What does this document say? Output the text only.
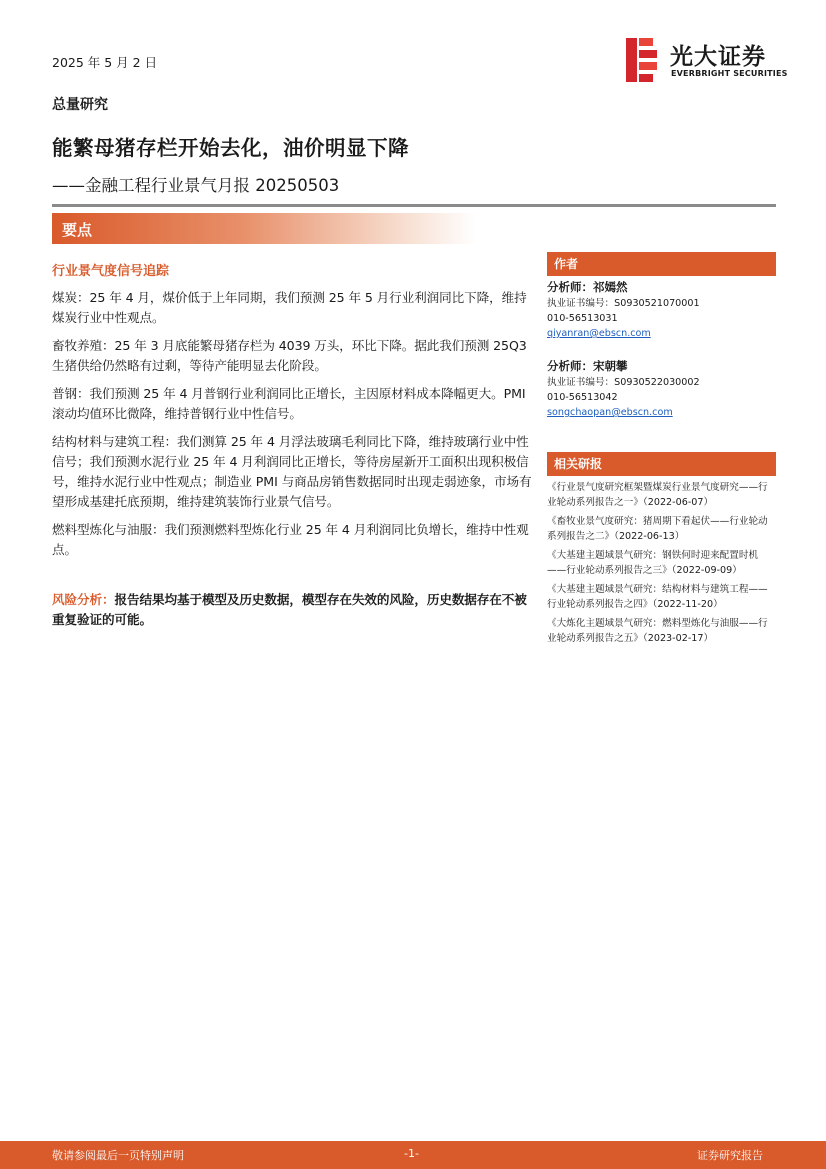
2025 年 5 月 2 日	光大证券
EVERBRIGHT SECURITIES
总量研究
能繁母猪存栏开始去化，油价明显下降
——金融工程行业景气月报 20250503
要点
行业景气度信号追踪

煤炭：25 年 4 月，煤价低于上年同期，我们预测 25 年 5 月行业利润同比下降，维持煤炭行业中性观点。

畜牧养殖：25 年 3 月底能繁母猪存栏为 4039 万头，环比下降。据此我们预测 25Q3 生猪供给仍然略有过剩，等待产能明显去化阶段。

普钢：我们预测 25 年 4 月普钢行业利润同比正增长，主因原材料成本降幅更大。PMI 滚动均值环比微降，维持普钢行业中性信号。

结构材料与建筑工程：我们测算 25 年 4 月浮法玻璃毛利同比下降，维持玻璃行业中性信号；我们预测水泥行业 25 年 4 月利润同比正增长，等待房屋新开工面积出现积极信号，维持水泥行业中性观点；制造业 PMI 与商品房销售数据同时出现走弱迹象，市场有望形成基建托底预期，维持建筑装饰行业景气信号。

燃料型炼化与油服：我们预测燃料型炼化行业 25 年 4 月利润同比负增长，维持中性观点。

风险分析：报告结果均基于模型及历史数据，模型存在失效的风险，历史数据存在不被重复验证的可能。

作者
分析师：祁嫣然
执业证书编号：S0930521070001
010-56513031
qiyanran@ebscn.com
分析师：宋朝攀
执业证书编号：S0930522030002
010-56513042
songchaopan@ebscn.com
相关研报
《行业景气度研究框架暨煤炭行业景气度研究——行业轮动系列报告之一》（2022-06-07）
《畜牧业景气度研究：猪周期下看起伏——行业轮动系列报告之二》（2022-06-13）
《大基建主题域景气研究：钢铁何时迎来配置时机——行业轮动系列报告之三》（2022-09-09）
《大基建主题域景气研究：结构材料与建筑工程——行业轮动系列报告之四》（2022-11-20）
《大炼化主题域景气研究：燃料型炼化与油服——行业轮动系列报告之五》（2023-02-17）
敬请参阅最后一页特别声明	-1-	证券研究报告
